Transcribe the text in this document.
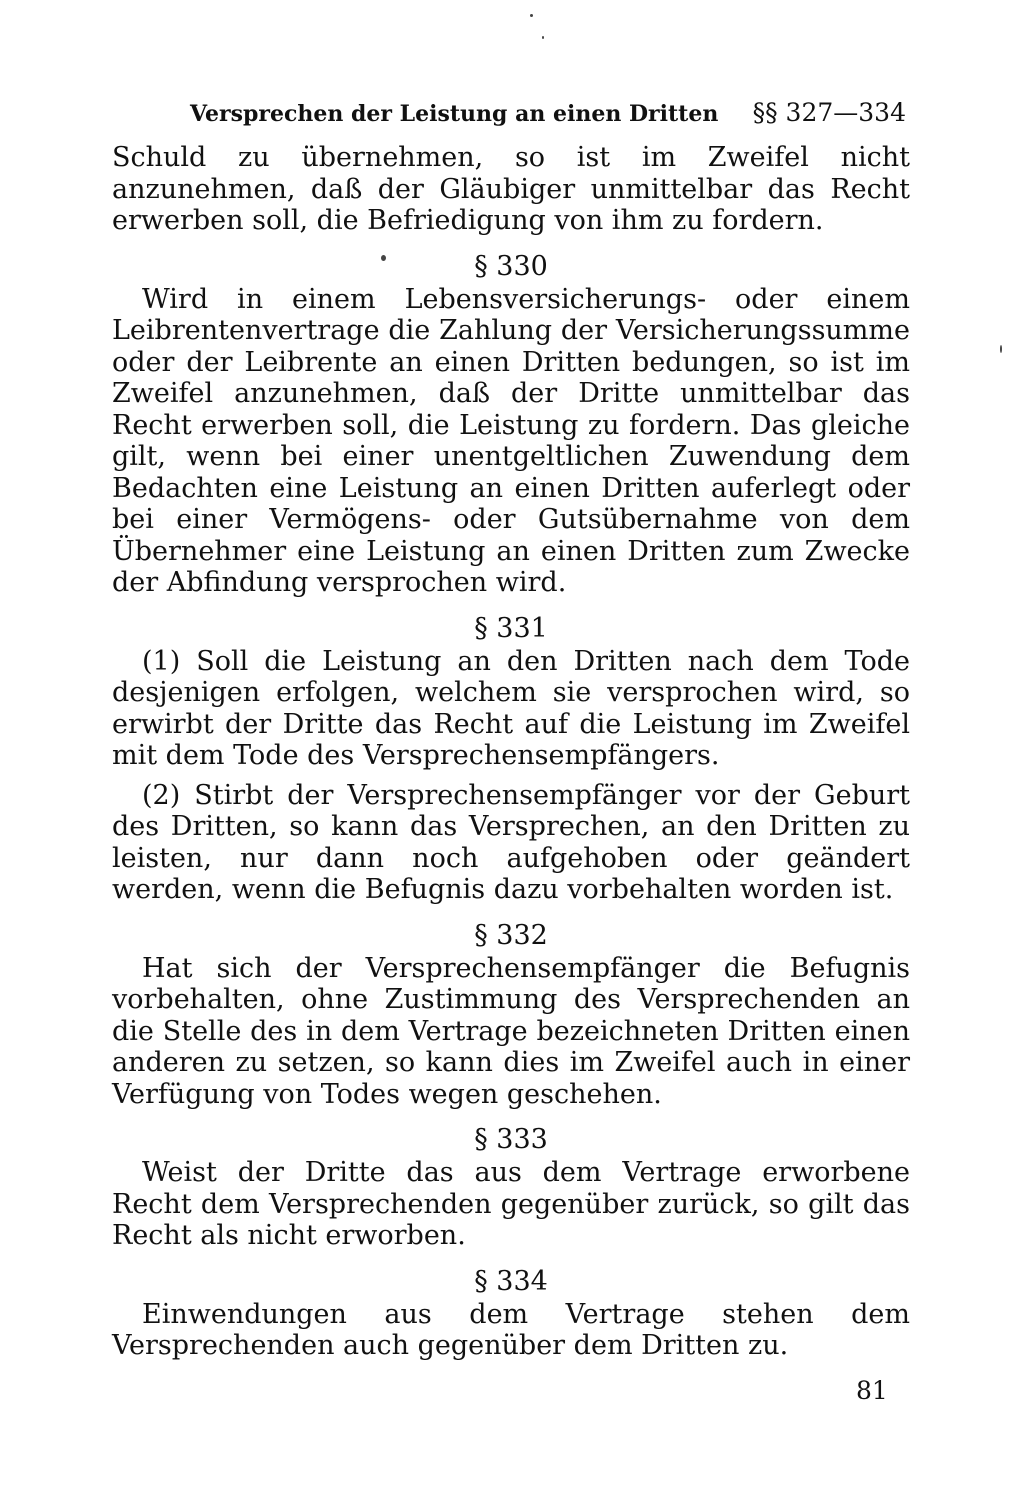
Versprechen der Leistung an einen Dritten §§ 327—334

Schuld zu übernehmen, so ist im Zweifel nicht anzunehmen, daß der Gläubiger unmittelbar das Recht erwerben soll, die Befriedigung von ihm zu fordern.

§ 330

Wird in einem Lebensversicherungs- oder einem Leibrentenvertrage die Zahlung der Versicherungssumme oder der Leibrente an einen Dritten bedungen, so ist im Zweifel anzunehmen, daß der Dritte unmittelbar das Recht erwerben soll, die Leistung zu fordern. Das gleiche gilt, wenn bei einer unentgeltlichen Zuwendung dem Bedachten eine Leistung an einen Dritten auferlegt oder bei einer Vermögens- oder Gutsübernahme von dem Übernehmer eine Leistung an einen Dritten zum Zwecke der Abfindung versprochen wird.

§ 331

(1) Soll die Leistung an den Dritten nach dem Tode desjenigen erfolgen, welchem sie versprochen wird, so erwirbt der Dritte das Recht auf die Leistung im Zweifel mit dem Tode des Versprechensempfängers.

(2) Stirbt der Versprechensempfänger vor der Geburt des Dritten, so kann das Versprechen, an den Dritten zu leisten, nur dann noch aufgehoben oder geändert werden, wenn die Befugnis dazu vorbehalten worden ist.

§ 332

Hat sich der Versprechensempfänger die Befugnis vorbehalten, ohne Zustimmung des Versprechenden an die Stelle des in dem Vertrage bezeichneten Dritten einen anderen zu setzen, so kann dies im Zweifel auch in einer Verfügung von Todes wegen geschehen.

§ 333

Weist der Dritte das aus dem Vertrage erworbene Recht dem Versprechenden gegenüber zurück, so gilt das Recht als nicht erworben.

§ 334

Einwendungen aus dem Vertrage stehen dem Versprechenden auch gegenüber dem Dritten zu.

81
